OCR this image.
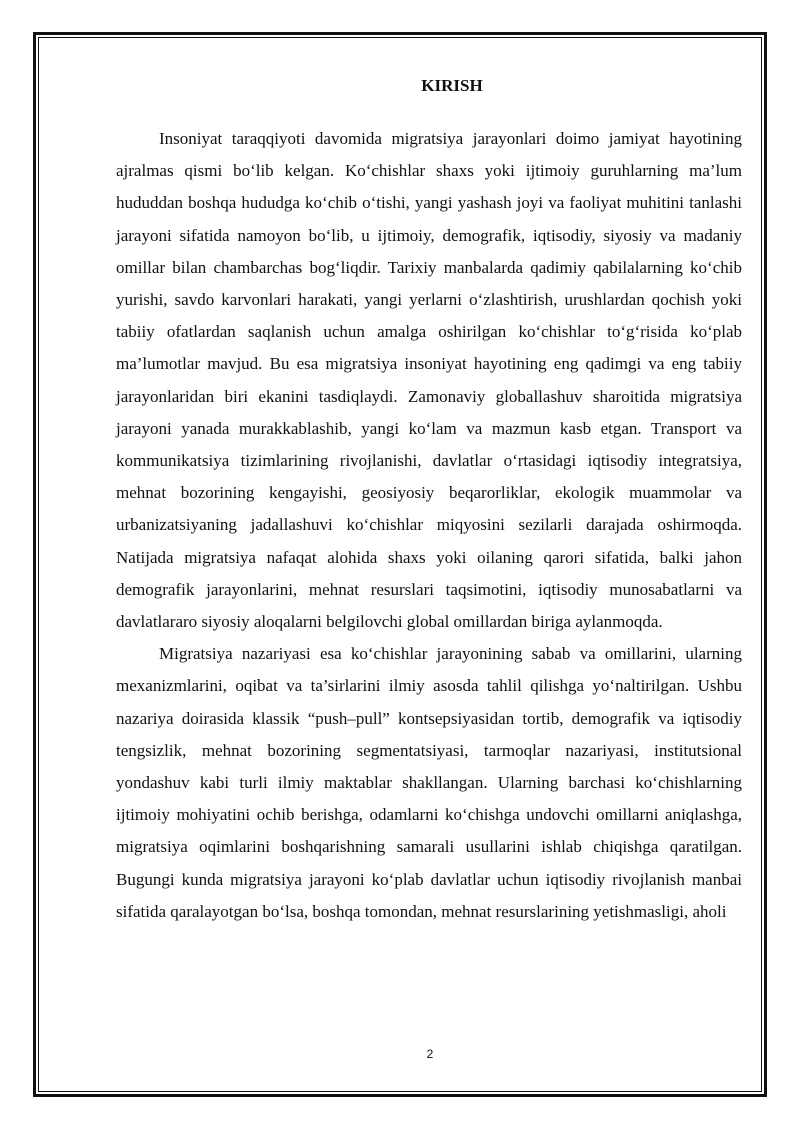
KIRISH

Insoniyat taraqqiyoti davomida migratsiya jarayonlari doimo jamiyat hayotining ajralmas qismi bo‘lib kelgan. Ko‘chishlar shaxs yoki ijtimoiy guruhlarning ma’lum hududdan boshqa hududga ko‘chib o‘tishi, yangi yashash joyi va faoliyat muhitini tanlashi jarayoni sifatida namoyon bo‘lib, u ijtimoiy, demografik, iqtisodiy, siyosiy va madaniy omillar bilan chambarchas bog‘liqdir. Tarixiy manbalarda qadimiy qabilalarning ko‘chib yurishi, savdo karvonlari harakati, yangi yerlarni o‘zlashtirish, urushlardan qochish yoki tabiiy ofatlardan saqlanish uchun amalga oshirilgan ko‘chishlar to‘g‘risida ko‘plab ma’lumotlar mavjud. Bu esa migratsiya insoniyat hayotining eng qadimgi va eng tabiiy jarayonlaridan biri ekanini tasdiqlaydi. Zamonaviy globallashuv sharoitida migratsiya jarayoni yanada murakkablashib, yangi ko‘lam va mazmun kasb etgan. Transport va kommunikatsiya tizimlarining rivojlanishi, davlatlar o‘rtasidagi iqtisodiy integratsiya, mehnat bozorining kengayishi, geosiyosiy beqarorliklar, ekologik muammolar va urbanizatsiyaning jadallashuvi ko‘chishlar miqyosini sezilarli darajada oshirmoqda. Natijada migratsiya nafaqat alohida shaxs yoki oilaning qarori sifatida, balki jahon demografik jarayonlarini, mehnat resurslari taqsimotini, iqtisodiy munosabatlarni va davlatlararo siyosiy aloqalarni belgilovchi global omillardan biriga aylanmoqda.

Migratsiya nazariyasi esa ko‘chishlar jarayonining sabab va omillarini, ularning mexanizmlarini, oqibat va ta’sirlarini ilmiy asosda tahlil qilishga yo‘naltirilgan. Ushbu nazariya doirasida klassik “push–pull” kontsepsiyasidan tortib, demografik va iqtisodiy tengsizlik, mehnat bozorining segmentatsiyasi, tarmoqlar nazariyasi, institutsional yondashuv kabi turli ilmiy maktablar shakllangan. Ularning barchasi ko‘chishlarning ijtimoiy mohiyatini ochib berishga, odamlarni ko‘chishga undovchi omillarni aniqlashga, migratsiya oqimlarini boshqarishning samarali usullarini ishlab chiqishga qaratilgan. Bugungi kunda migratsiya jarayoni ko‘plab davlatlar uchun iqtisodiy rivojlanish manbai sifatida qaralayotgan bo‘lsa, boshqa tomondan, mehnat resurslarining yetishmasligi, aholi

2
